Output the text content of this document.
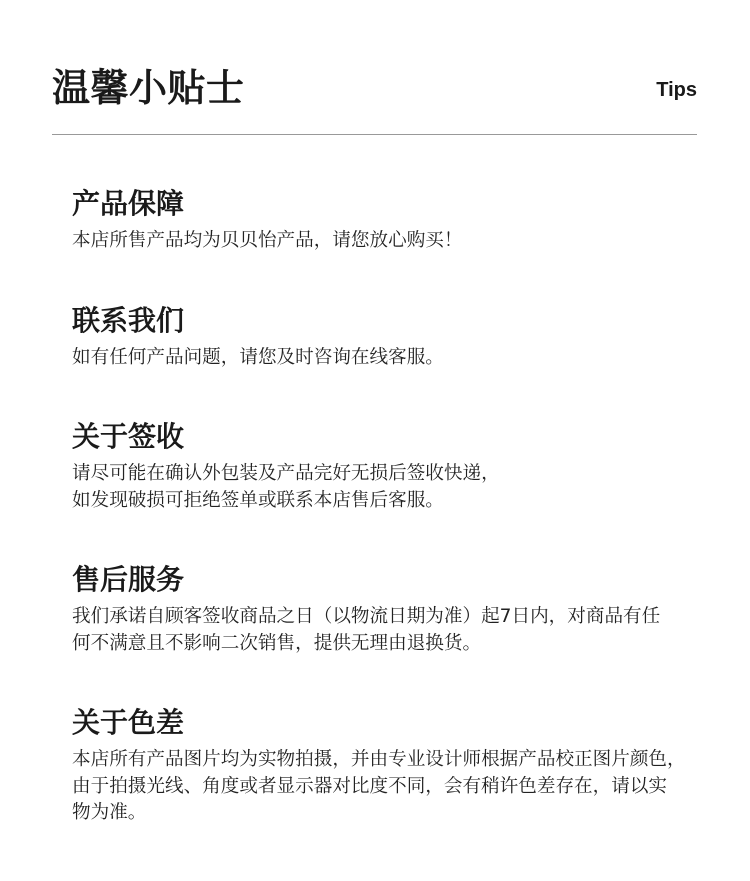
温馨小贴士	Tips
产品保障
本店所售产品均为贝贝怡产品，请您放心购买！
联系我们
如有任何产品问题，请您及时咨询在线客服。
关于签收
请尽可能在确认外包装及产品完好无损后签收快递，
如发现破损可拒绝签单或联系本店售后客服。
售后服务
我们承诺自顾客签收商品之日（以物流日期为准）起7日内，对商品有任
何不满意且不影响二次销售，提供无理由退换货。
关于色差
本店所有产品图片均为实物拍摄，并由专业设计师根据产品校正图片颜色，
由于拍摄光线、角度或者显示器对比度不同，会有稍许色差存在，请以实
物为准。
